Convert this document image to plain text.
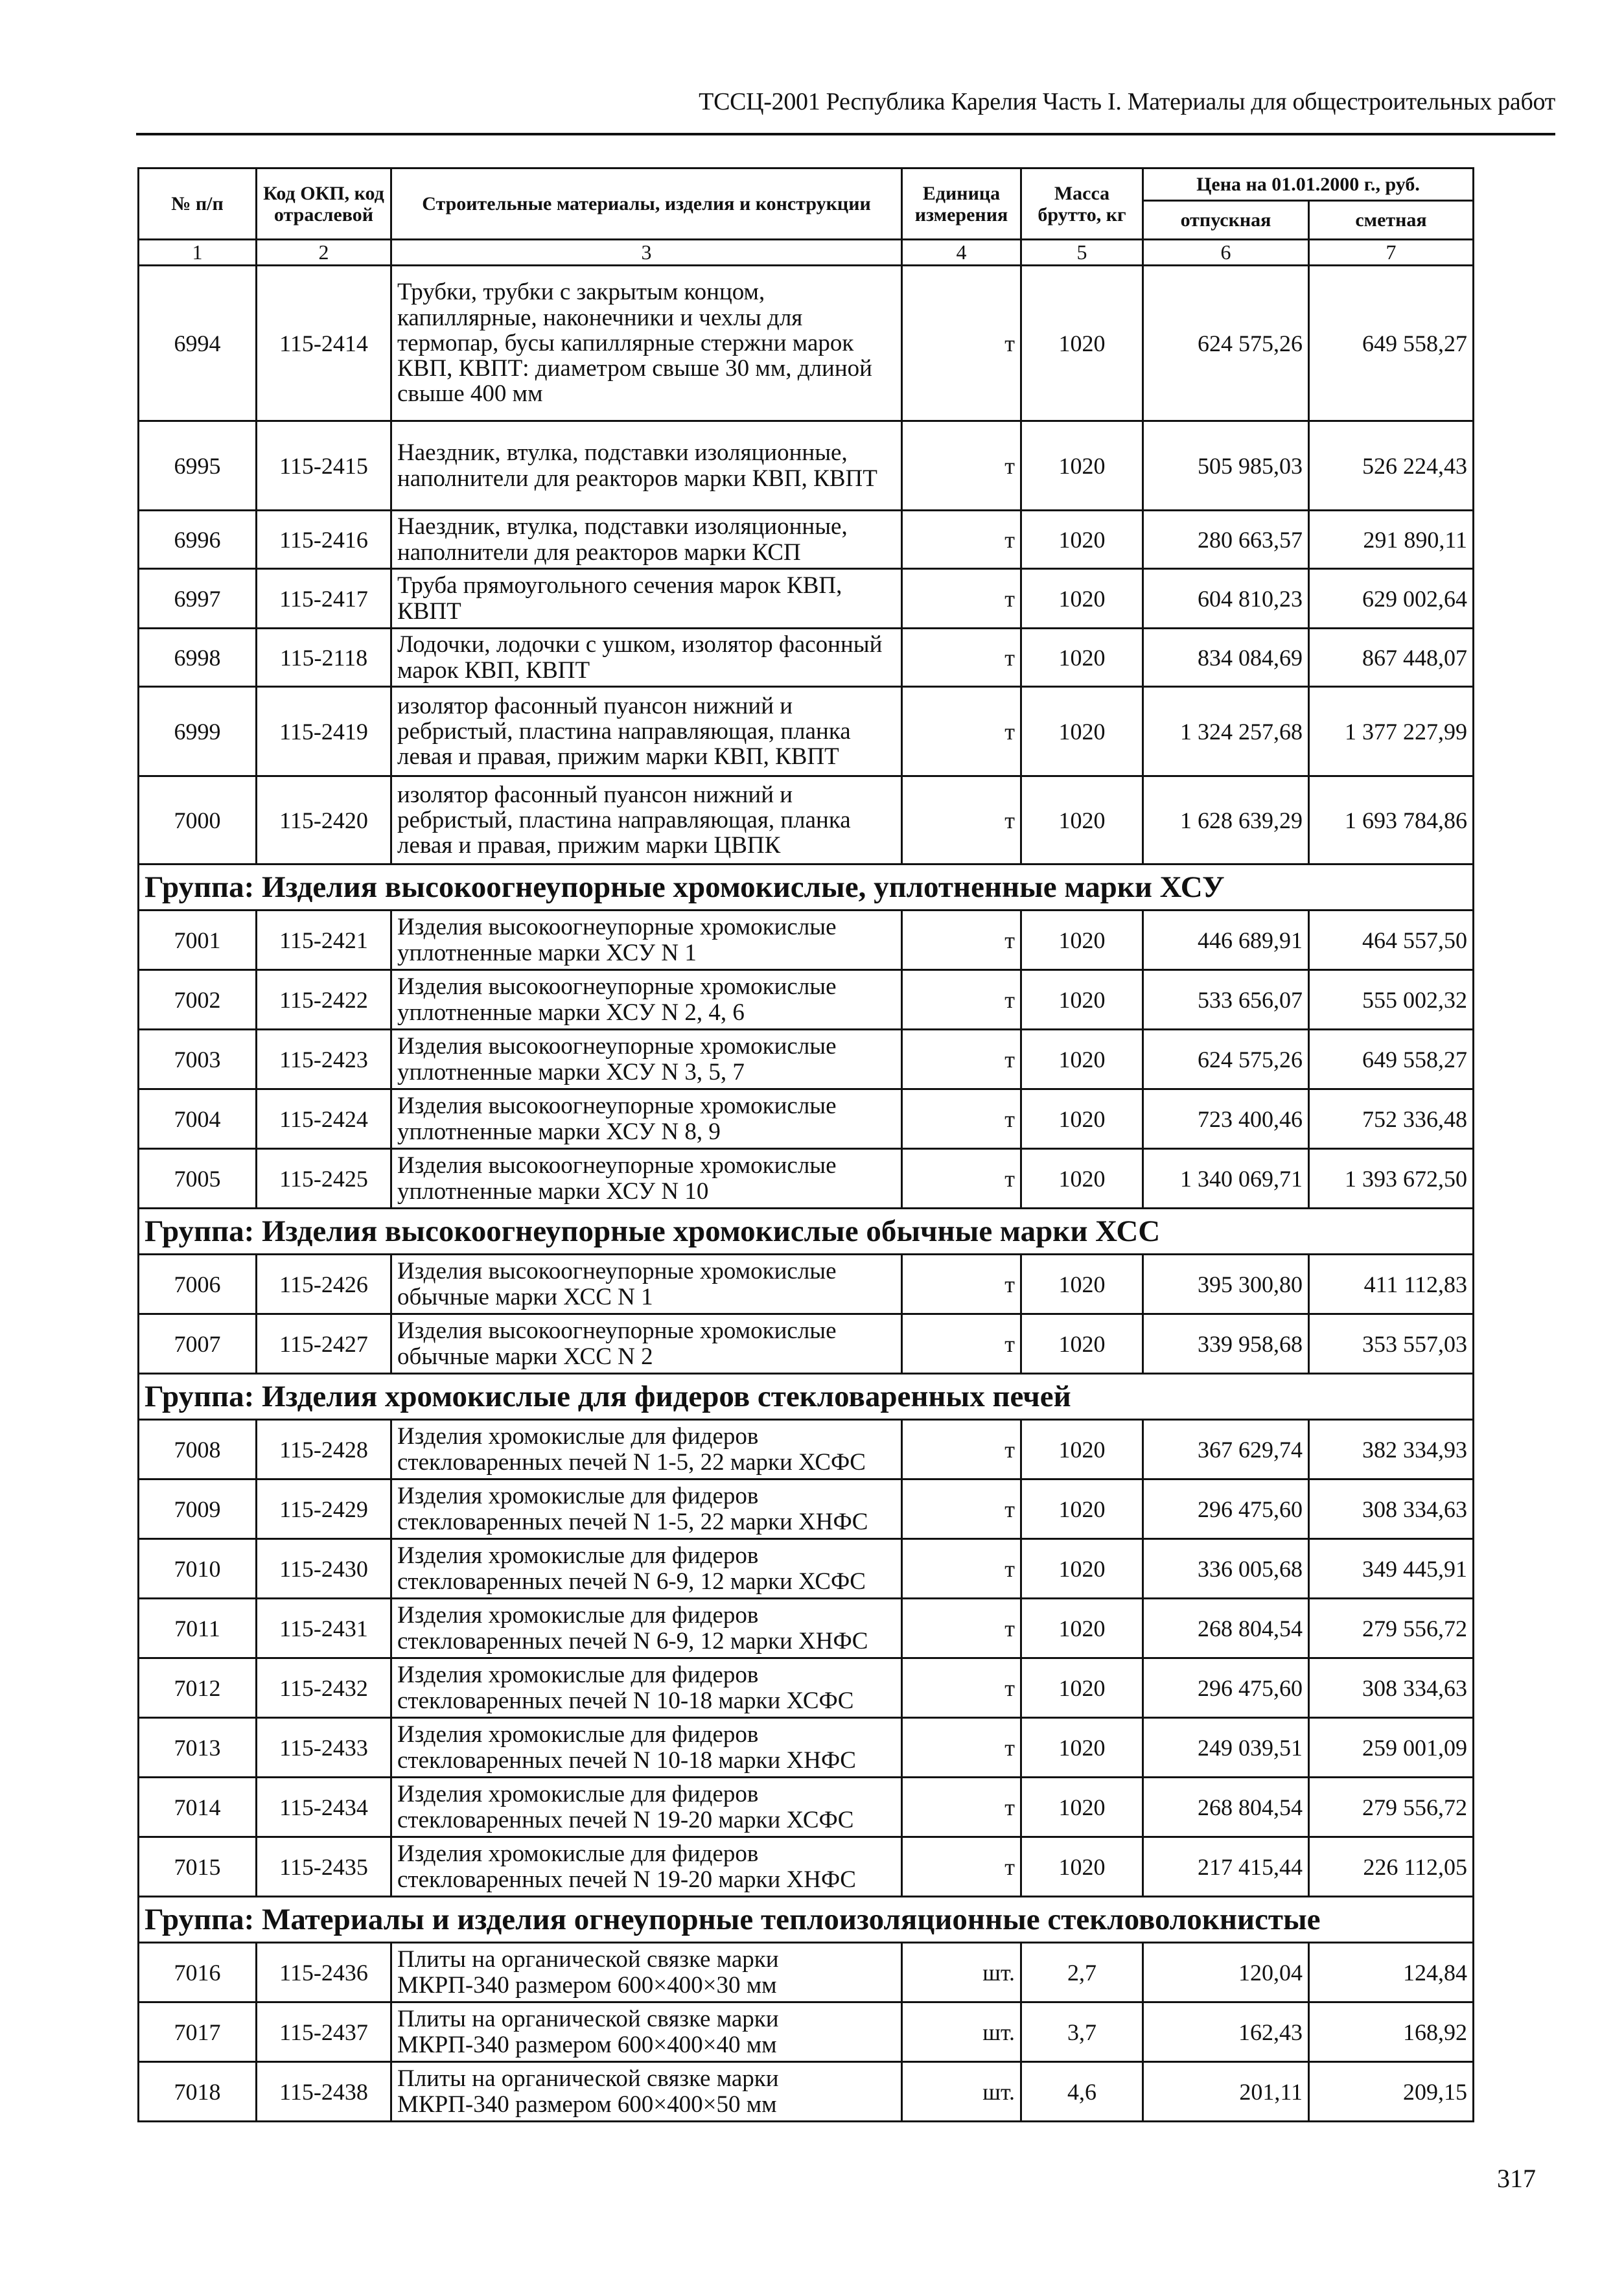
ТССЦ-2001 Республика Карелия Часть I. Материалы для общестроительных работ
№ п/п	Код ОКП, код отраслевой	Строительные материалы, изделия и конструкции	Единица измерения	Масса брутто, кг	Цена на 01.01.2000 г., руб.	
					отпускная	сметная
1	2	3	4	5	6	7
6994	115-2414	Трубки, трубки с закрытым концом, капиллярные, наконечники и чехлы для термопар, бусы капиллярные стержни марок КВП, КВПТ: диаметром свыше 30 мм, длиной свыше 400 мм	т	1020	624 575,26	649 558,27
6995	115-2415	Наездник, втулка, подставки изоляционные, наполнители для реакторов марки КВП, КВПТ	т	1020	505 985,03	526 224,43
6996	115-2416	Наездник, втулка, подставки изоляционные, наполнители для реакторов марки КСП	т	1020	280 663,57	291 890,11
6997	115-2417	Труба прямоугольного сечения марок КВП, КВПТ	т	1020	604 810,23	629 002,64
6998	115-2118	Лодочки, лодочки с ушком, изолятор фасонный марок КВП, КВПТ	т	1020	834 084,69	867 448,07
6999	115-2419	изолятор фасонный пуансон нижний и ребристый, пластина направляющая, планка левая и правая, прижим марки КВП, КВПТ	т	1020	1 324 257,68	1 377 227,99
7000	115-2420	изолятор фасонный пуансон нижний и ребристый, пластина направляющая, планка левая и правая, прижим марки ЦВПК	т	1020	1 628 639,29	1 693 784,86
Группа: Изделия высокоогнеупорные хромокислые, уплотненные марки ХСУ						
7001	115-2421	Изделия высокоогнеупорные хромокислые уплотненные марки ХСУ N 1	т	1020	446 689,91	464 557,50
7002	115-2422	Изделия высокоогнеупорные хромокислые уплотненные марки ХСУ N 2, 4, 6	т	1020	533 656,07	555 002,32
7003	115-2423	Изделия высокоогнеупорные хромокислые уплотненные марки ХСУ N 3, 5, 7	т	1020	624 575,26	649 558,27
7004	115-2424	Изделия высокоогнеупорные хромокислые уплотненные марки ХСУ N 8, 9	т	1020	723 400,46	752 336,48
7005	115-2425	Изделия высокоогнеупорные хромокислые уплотненные марки ХСУ N 10	т	1020	1 340 069,71	1 393 672,50
Группа: Изделия высокоогнеупорные хромокислые обычные марки ХСС						
7006	115-2426	Изделия высокоогнеупорные хромокислые обычные марки ХСС N 1	т	1020	395 300,80	411 112,83
7007	115-2427	Изделия высокоогнеупорные хромокислые обычные марки ХСС N 2	т	1020	339 958,68	353 557,03
Группа: Изделия хромокислые для фидеров стекловаренных печей						
7008	115-2428	Изделия хромокислые для фидеров стекловаренных печей N 1-5, 22 марки ХСФС	т	1020	367 629,74	382 334,93
7009	115-2429	Изделия хромокислые для фидеров стекловаренных печей N 1-5, 22 марки ХНФС	т	1020	296 475,60	308 334,63
7010	115-2430	Изделия хромокислые для фидеров стекловаренных печей N 6-9, 12 марки ХСФС	т	1020	336 005,68	349 445,91
7011	115-2431	Изделия хромокислые для фидеров стекловаренных печей N 6-9, 12 марки ХНФС	т	1020	268 804,54	279 556,72
7012	115-2432	Изделия хромокислые для фидеров стекловаренных печей N 10-18 марки ХСФС	т	1020	296 475,60	308 334,63
7013	115-2433	Изделия хромокислые для фидеров стекловаренных печей N 10-18 марки ХНФС	т	1020	249 039,51	259 001,09
7014	115-2434	Изделия хромокислые для фидеров стекловаренных печей N 19-20 марки ХСФС	т	1020	268 804,54	279 556,72
7015	115-2435	Изделия хромокислые для фидеров стекловаренных печей N 19-20 марки ХНФС	т	1020	217 415,44	226 112,05
Группа: Материалы и изделия огнеупорные теплоизоляционные стекловолокнистые						
7016	115-2436	Плиты на органической связке марки МКРП-340 размером 600×400×30 мм	шт.	2,7	120,04	124,84
7017	115-2437	Плиты на органической связке марки МКРП-340 размером 600×400×40 мм	шт.	3,7	162,43	168,92
7018	115-2438	Плиты на органической связке марки МКРП-340 размером 600×400×50 мм	шт.	4,6	201,11	209,15
317
